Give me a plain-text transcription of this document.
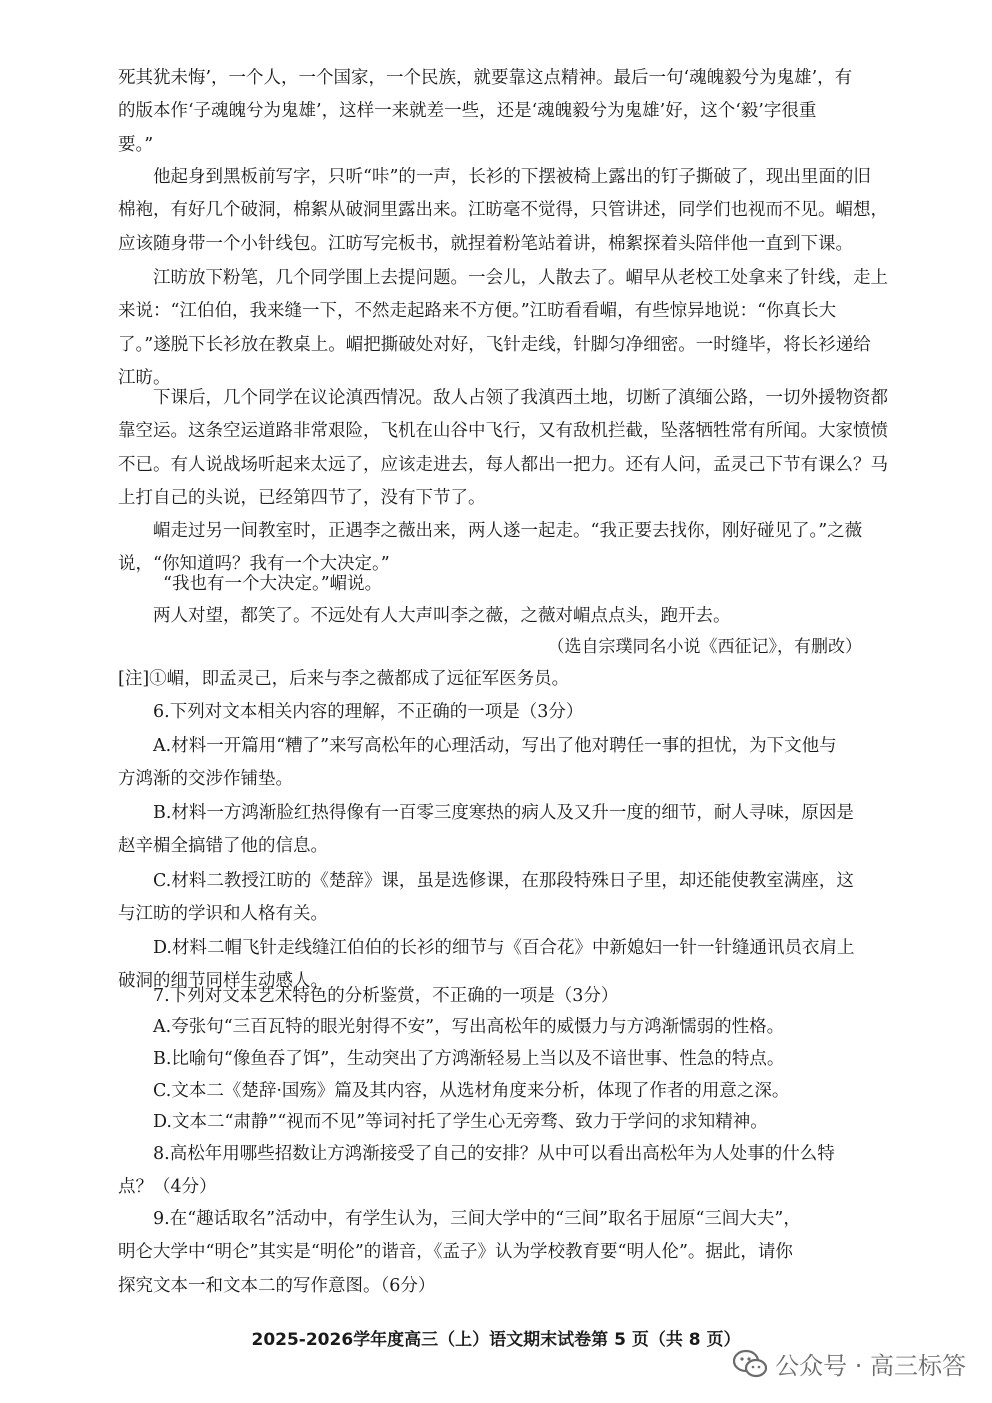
死其犹未悔’，一个人，一个国家，一个民族，就要靠这点精神。最后一句‘魂魄毅兮为鬼雄’，有
的版本作‘子魂魄兮为鬼雄’，这样一来就差一些，还是‘魂魄毅兮为鬼雄’好，这个‘毅’字很重
要。”
他起身到黑板前写字，只听“咔”的一声，长衫的下摆被椅上露出的钉子撕破了，现出里面的旧
棉袍，有好几个破洞，棉絮从破洞里露出来。江昉毫不觉得，只管讲述，同学们也视而不见。嵋想，
应该随身带一个小针线包。江昉写完板书，就捏着粉笔站着讲，棉絮探着头陪伴他一直到下课。
江昉放下粉笔，几个同学围上去提问题。一会儿，人散去了。嵋早从老校工处拿来了针线，走上
来说：“江伯伯，我来缝一下，不然走起路来不方便。”江昉看看嵋，有些惊异地说：“你真长大
了。”遂脱下长衫放在教桌上。嵋把撕破处对好，飞针走线，针脚匀净细密。一时缝毕，将长衫递给
江昉。
下课后，几个同学在议论滇西情况。敌人占领了我滇西土地，切断了滇缅公路，一切外援物资都
靠空运。这条空运道路非常艰险，飞机在山谷中飞行，又有敌机拦截，坠落牺牲常有所闻。大家愤愤
不已。有人说战场听起来太远了，应该走进去，每人都出一把力。还有人问，孟灵己下节有课么？马
上打自己的头说，已经第四节了，没有下节了。
嵋走过另一间教室时，正遇李之薇出来，两人遂一起走。“我正要去找你，刚好碰见了。”之薇
说，“你知道吗？我有一个大决定。”
“我也有一个大决定。”嵋说。
两人对望，都笑了。不远处有人大声叫李之薇，之薇对嵋点点头，跑开去。
[注]①嵋，即孟灵己，后来与李之薇都成了远征军医务员。
（选自宗璞同名小说《西征记》，有删改）
6.下列对文本相关内容的理解，不正确的一项是（3分）
A.材料一开篇用“糟了”来写高松年的心理活动，写出了他对聘任一事的担忧，为下文他与
方鸿渐的交涉作铺垫。
B.材料一方鸿渐脸红热得像有一百零三度寒热的病人及又升一度的细节，耐人寻味，原因是
赵辛楣全搞错了他的信息。
C.材料二教授江昉的《楚辞》课，虽是选修课，在那段特殊日子里，却还能使教室满座，这
与江昉的学识和人格有关。
D.材料二帽飞针走线缝江伯伯的长衫的细节与《百合花》中新媳妇一针一针缝通讯员衣肩上
破洞的细节同样生动感人。
7.下列对文本艺术特色的分析鉴赏，不正确的一项是（3分）
A.夸张句“三百瓦特的眼光射得不安”，写出高松年的威慑力与方鸿渐懦弱的性格。
B.比喻句“像鱼吞了饵”，生动突出了方鸿渐轻易上当以及不谙世事、性急的特点。
C.文本二《楚辞·国殇》篇及其内容，从选材角度来分析，体现了作者的用意之深。
D.文本二“肃静”“视而不见”等词衬托了学生心无旁骛、致力于学问的求知精神。
8.高松年用哪些招数让方鸿渐接受了自己的安排？从中可以看出高松年为人处事的什么特
点？（4分）
9.在“趣话取名”活动中，有学生认为，三间大学中的“三间”取名于屈原“三闾大夫”，
明仑大学中“明仑”其实是“明伦”的谐音，《孟子》认为学校教育要“明人伦”。据此，请你
探究文本一和文本二的写作意图。（6分）
2025-2026学年度高三（上）语文期末试卷第 5 页（共 8 页）
公众号 · 高三标答
